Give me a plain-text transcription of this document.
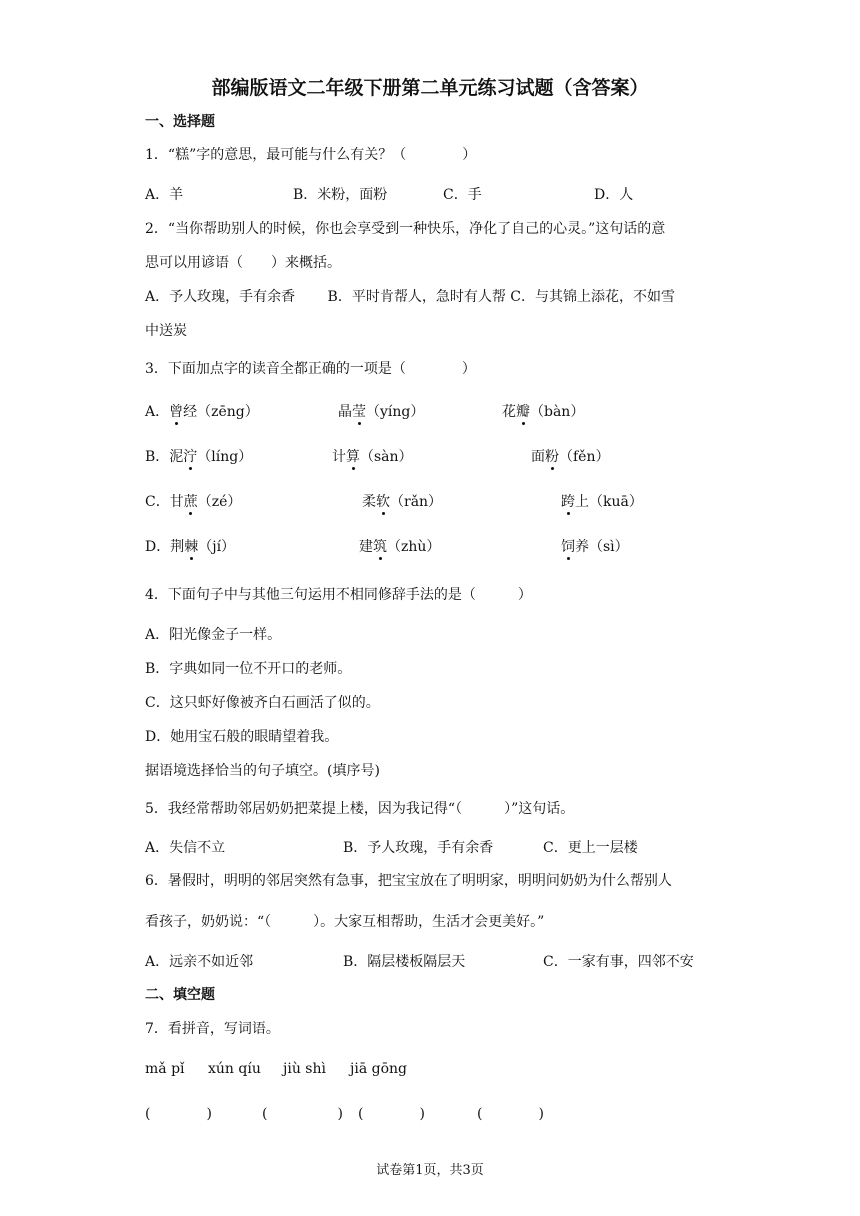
部编版语文二年级下册第二单元练习试题（含答案）
一、选择题
1．“糕”字的意思，最可能与什么有关？（　　　　）
A．羊	B．米粉，面粉	C．手	D．人
2．“当你帮助别人的时候，你也会享受到一种快乐，净化了自己的心灵。”这句话的意
思可以用谚语（　　）来概括。
A．予人玫瑰，手有余香　　 B．平时肯帮人，急时有人帮 C．与其锦上添花，不如雪
中送炭
3．下面加点字的读音全都正确的一项是（　　　　）
A．曾经（zēng）	晶莹（yíng）	花瓣（bàn）
B．泥泞（líng）	计算（sàn）	面粉（fěn）
C．甘蔗（zé）	柔软（rǎn）	跨上（kuā）
D．荆棘（jí）	建筑（zhù）	饲养（sì）
4．下面句子中与其他三句运用不相同修辞手法的是（　　　）
A．阳光像金子一样。
B．字典如同一位不开口的老师。
C．这只虾好像被齐白石画活了似的。
D．她用宝石般的眼睛望着我。
据语境选择恰当的句子填空。(填序号)
5．我经常帮助邻居奶奶把菜提上楼，因为我记得“（　　　）”这句话。
A．失信不立	B．予人玫瑰，手有余香	C．更上一层楼
6．暑假时，明明的邻居突然有急事，把宝宝放在了明明家，明明问奶奶为什么帮别人
看孩子，奶奶说：“（　　　）。大家互相帮助，生活才会更美好。”
A．远亲不如近邻	B．隔层楼板隔层天	C．一家有事，四邻不安
二、填空题
7．看拼音，写词语。
mǎ pǐ xún qíu jiù shì jiā gōng
(　　　　)	(　　　　　) (　　　　)	(　　　　)
试卷第1页，共3页
